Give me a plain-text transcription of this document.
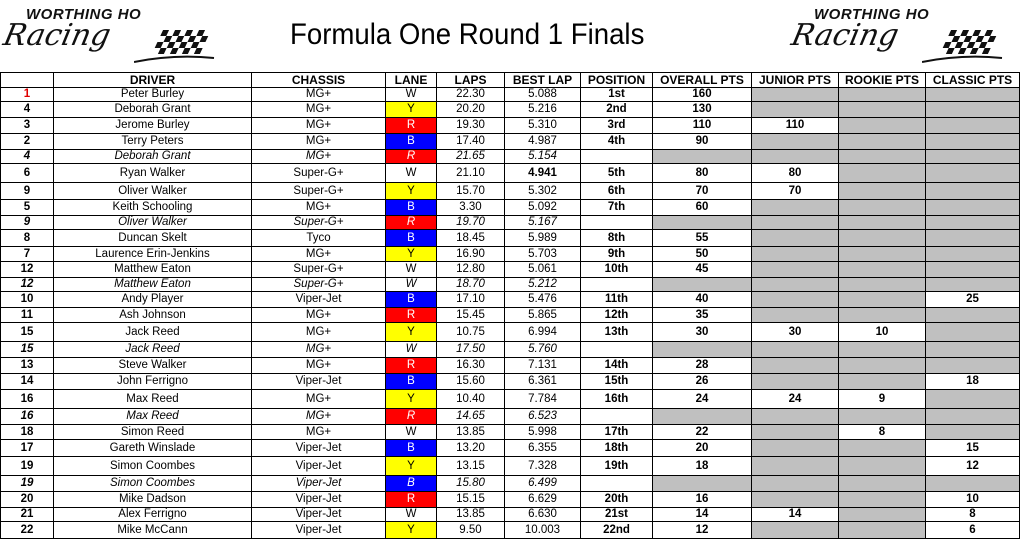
WORTHING HO
Racing	Formula One Round 1 Finals
WORTHING HO
Racing
	DRIVER	CHASSIS	LANE	LAPS	BEST LAP	POSITION	OVERALL PTS	JUNIOR PTS	ROOKIE PTS	CLASSIC PTS
1	Peter Burley	MG+	W	22.30	5.088	1st	160			
4	Deborah Grant	MG+	Y	20.20	5.216	2nd	130			
3	Jerome Burley	MG+	R	19.30	5.310	3rd	110	110		
2	Terry Peters	MG+	B	17.40	4.987	4th	90			
4	Deborah Grant	MG+	R	21.65	5.154					
6	Ryan Walker	Super-G+	W	21.10	4.941	5th	80	80		
9	Oliver Walker	Super-G+	Y	15.70	5.302	6th	70	70		
5	Keith Schooling	MG+	B	3.30	5.092	7th	60			
9	Oliver Walker	Super-G+	R	19.70	5.167					
8	Duncan Skelt	Tyco	B	18.45	5.989	8th	55			
7	Laurence Erin-Jenkins	MG+	Y	16.90	5.703	9th	50			
12	Matthew Eaton	Super-G+	W	12.80	5.061	10th	45			
12	Matthew Eaton	Super-G+	W	18.70	5.212					
10	Andy Player	Viper-Jet	B	17.10	5.476	11th	40			25
11	Ash Johnson	MG+	R	15.45	5.865	12th	35			
15	Jack Reed	MG+	Y	10.75	6.994	13th	30	30	10	
15	Jack Reed	MG+	W	17.50	5.760					
13	Steve Walker	MG+	R	16.30	7.131	14th	28			
14	John Ferrigno	Viper-Jet	B	15.60	6.361	15th	26			18
16	Max Reed	MG+	Y	10.40	7.784	16th	24	24	9	
16	Max Reed	MG+	R	14.65	6.523					
18	Simon Reed	MG+	W	13.85	5.998	17th	22		8	
17	Gareth Winslade	Viper-Jet	B	13.20	6.355	18th	20			15
19	Simon Coombes	Viper-Jet	Y	13.15	7.328	19th	18			12
19	Simon Coombes	Viper-Jet	B	15.80	6.499					
20	Mike Dadson	Viper-Jet	R	15.15	6.629	20th	16			10
21	Alex Ferrigno	Viper-Jet	W	13.85	6.630	21st	14	14		8
22	Mike McCann	Viper-Jet	Y	9.50	10.003	22nd	12			6
